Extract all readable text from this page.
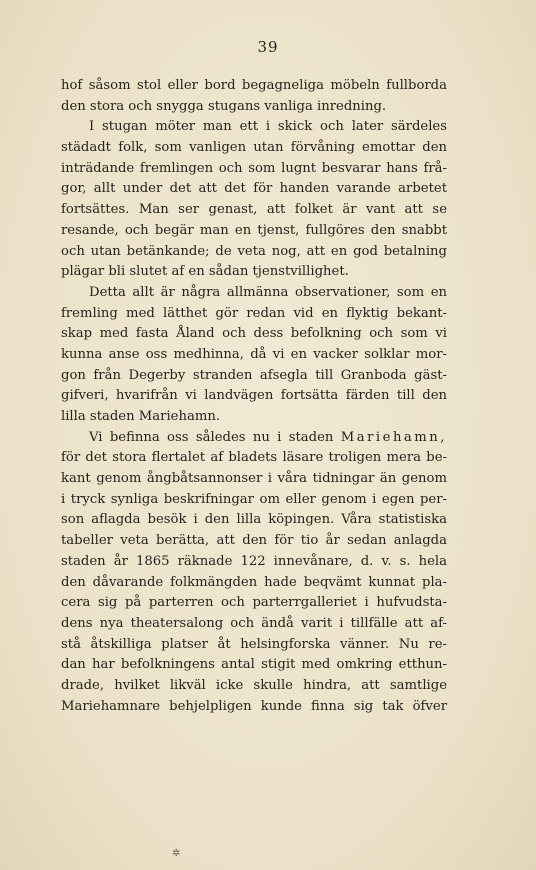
39
hof såsom stol eller bord begagneliga möbeln fullborda
den stora och snygga stugans vanliga inredning.
I stugan möter man ett i skick och later särdeles
städadt folk, som vanligen utan förvåning emottar den
inträdande fremlingen och som lugnt besvarar hans frå-
gor, allt under det att det för handen varande arbetet
fortsättes. Man ser genast, att folket är vant att se
resande, och begär man en tjenst, fullgöres den snabbt
och utan betänkande; de veta nog, att en god betalning
plägar bli slutet af en sådan tjenstvillighet.
Detta allt är några allmänna observationer, som en
fremling med lätthet gör redan vid en flyktig bekant-
skap med fasta Åland och dess befolkning och som vi
kunna anse oss medhinna, då vi en vacker solklar mor-
gon från Degerby stranden afsegla till Granboda gäst-
gifveri, hvarifrån vi landvägen fortsätta färden till den
lilla staden Mariehamn.
Vi befinna oss således nu i staden Mariehamn,
för det stora flertalet af bladets läsare troligen mera be-
kant genom ångbåtsannonser i våra tidningar än genom
i tryck synliga beskrifningar om eller genom i egen per-
son aflagda besök i den lilla köpingen. Våra statistiska
tabeller veta berätta, att den för tio år sedan anlagda
staden år 1865 räknade 122 innevånare, d. v. s. hela
den dåvarande folkmängden hade beqvämt kunnat pla-
cera sig på parterren och parterrgalleriet i hufvudsta-
dens nya theatersalong och ändå varit i tillfälle att af-
stå åtskilliga platser åt helsingforska vänner. Nu re-
dan har befolkningens antal stigit med omkring etthun-
drade, hvilket likväl icke skulle hindra, att samtlige
Mariehamnare behjelpligen kunde finna sig tak öfver
✲
